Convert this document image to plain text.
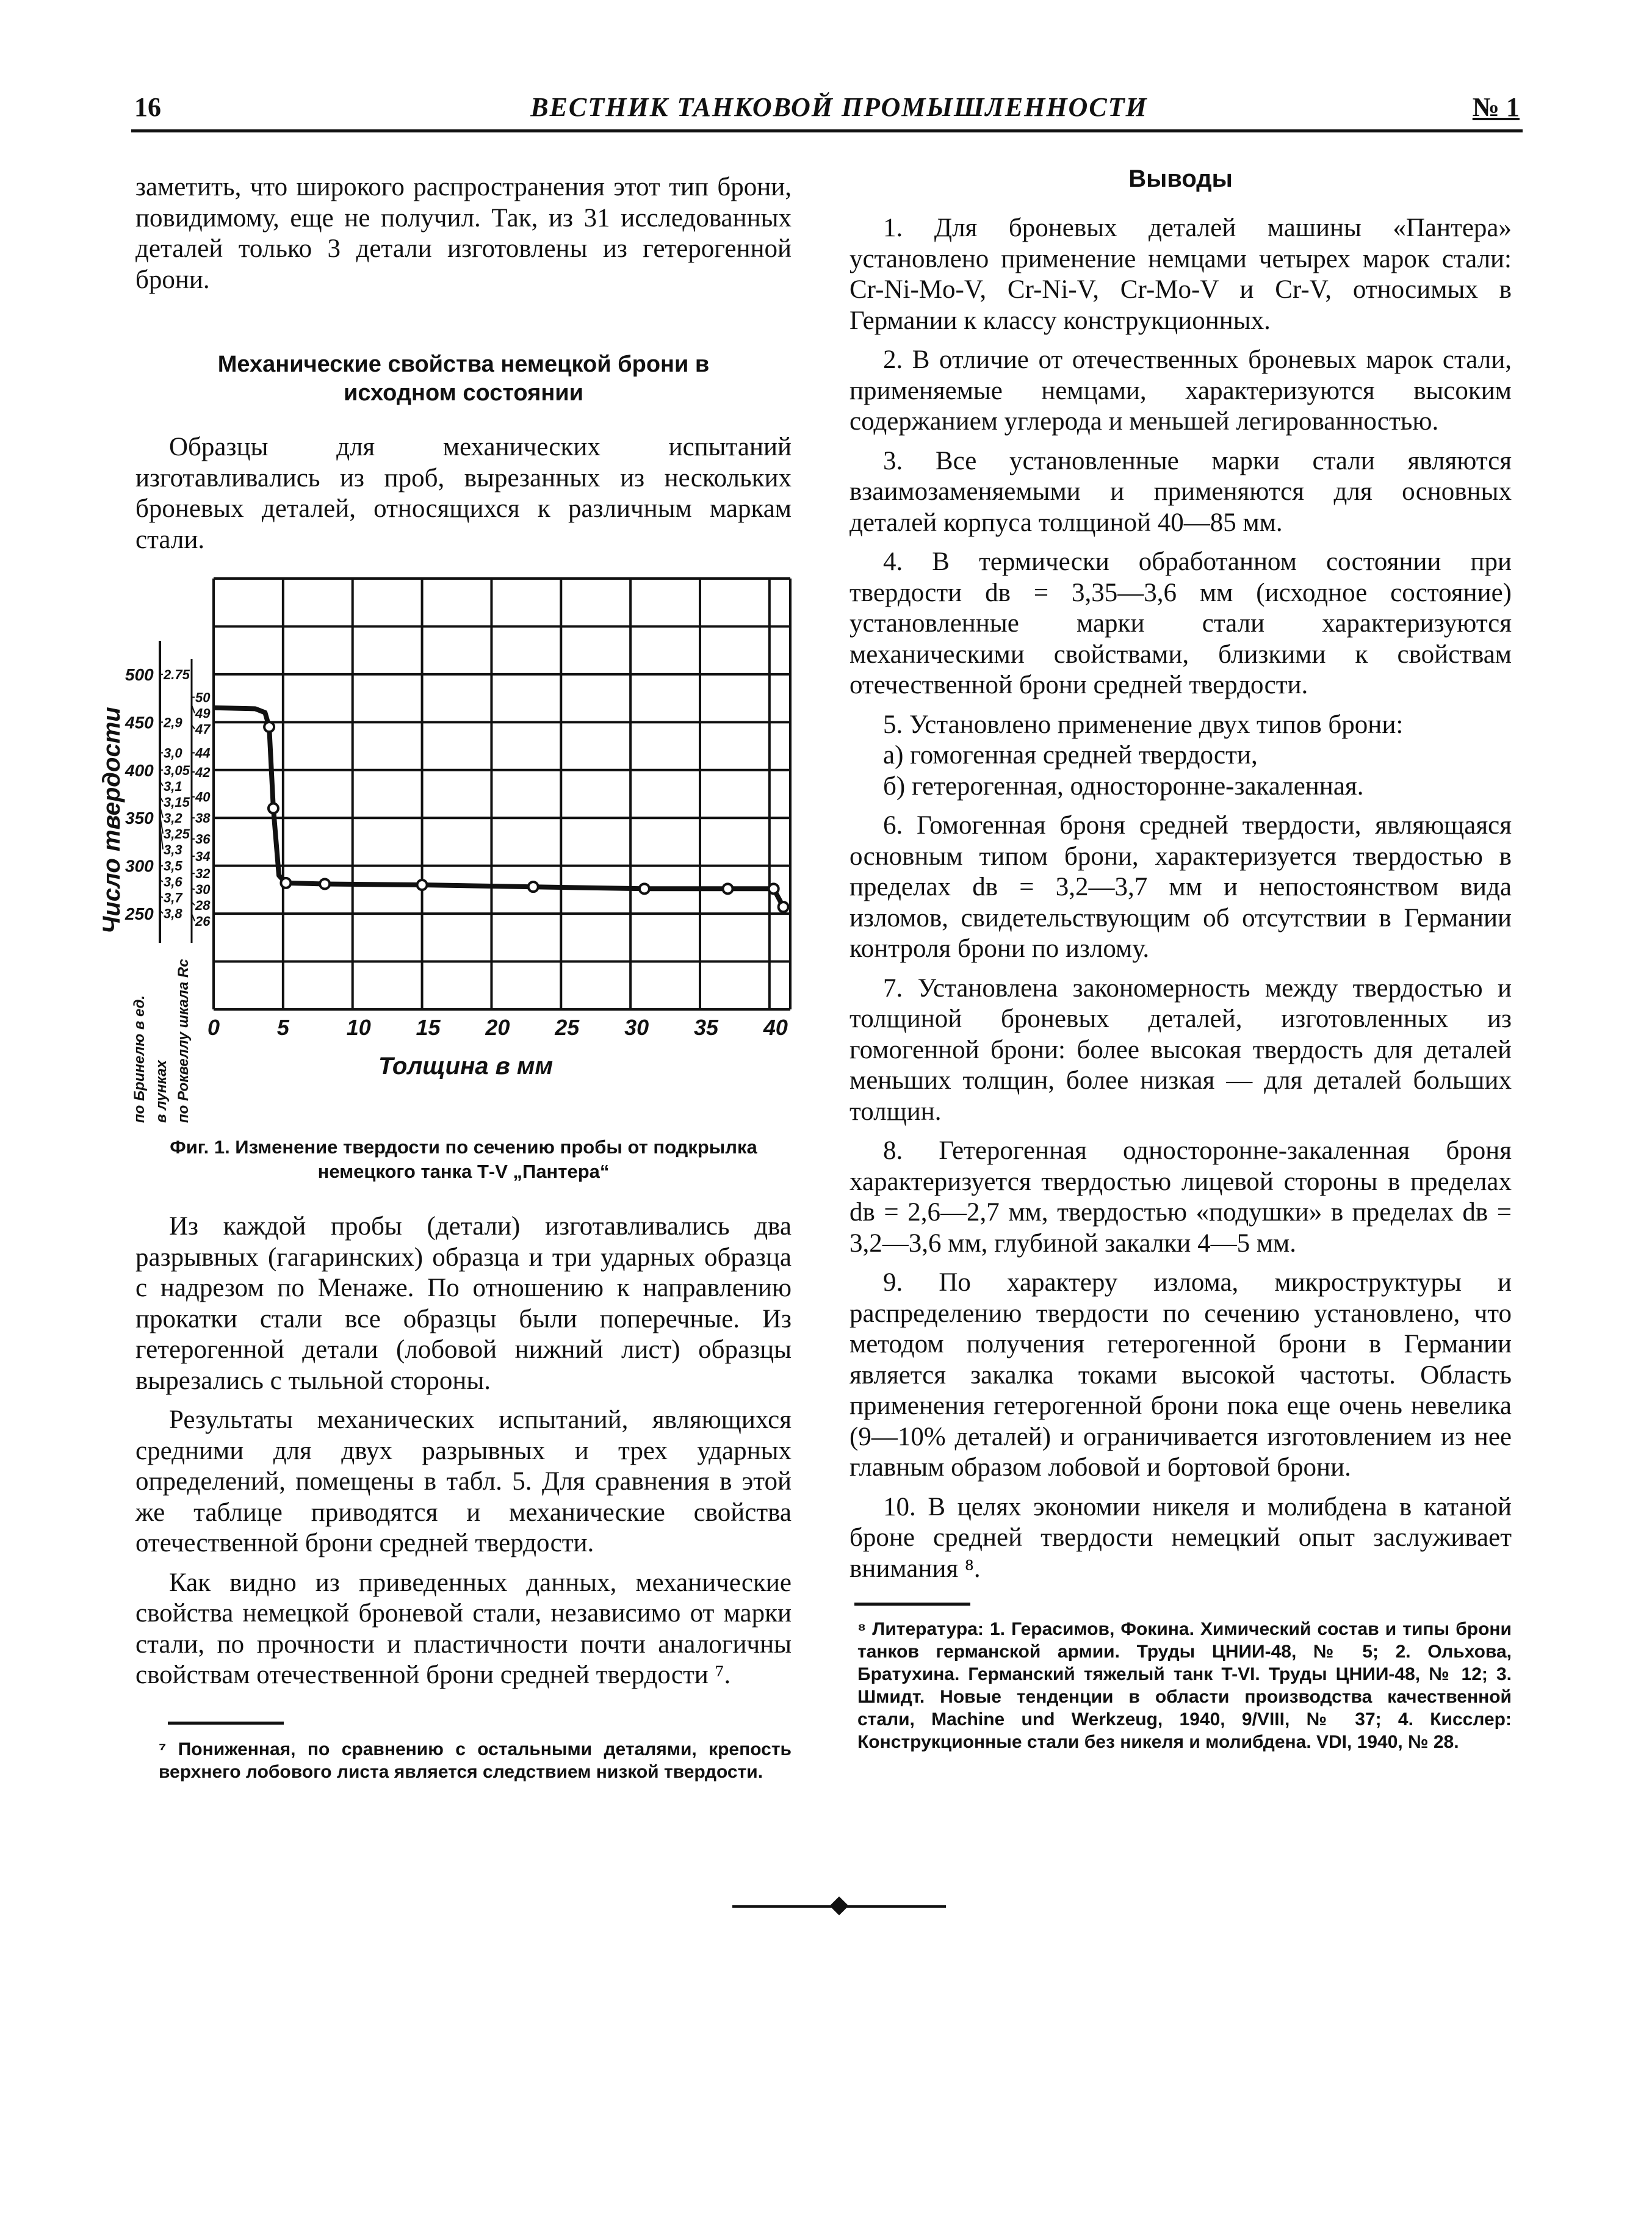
16	ВЕСТНИК ТАНКОВОЙ ПРОМЫШЛЕННОСТИ	№ 1

заметить, что широкого распространения этот тип брони, повидимому, еще не получил. Так, из 31 исследованных деталей только 3 детали изготовлены из гетерогенной брони.

Механические свойства немецкой брони в исходном состоянии

Образцы для механических испытаний изготавливались из проб, вырезанных из нескольких броневых деталей, относящихся к различным маркам стали.

0	5	10 15 20 25 30 35 40
500
450
400
350
300
250
2.75
2,9
3,0
3,05
3,1
3,15
3,2
3,25
3,3
3,5
3,6
3,7
3,8
50
49
47
44
42
40
38
36
34
32
30
28
26
Толщина в мм
Число твердости
по Бринелю в ед. в лунках по Роквеллу шкала Rc
Фиг. 1. Изменение твердости по сечению пробы от подкрылка немецкого танка Т-V „Пантера“

Из каждой пробы (детали) изготавливались два разрывных (гагаринских) образца и три ударных образца с надрезом по Менаже. По отношению к направлению прокатки стали все образцы были поперечные. Из гетерогенной детали (лобовой нижний лист) образцы вырезались с тыльной стороны.

Результаты механических испытаний, являющихся средними для двух разрывных и трех ударных определений, помещены в табл. 5. Для сравнения в этой же таблице приводятся и механические свойства отечественной брони средней твердости.

Как видно из приведенных данных, механические свойства немецкой броневой стали, независимо от марки стали, по прочности и пластичности почти аналогичны свойствам отечественной брони средней твердости ⁷.

⁷ Пониженная, по сравнению с остальными деталями, крепость верхнего лобового листа является следствием низкой твердости.
Выводы

1. Для броневых деталей машины «Пантера» установлено применение немцами четырех марок стали: Cr-Ni-Mo-V, Cr-Ni-V, Cr-Mo-V и Cr-V, относимых в Германии к классу конструкционных.

2. В отличие от отечественных броневых марок стали, применяемые немцами, характеризуются высоким содержанием углерода и меньшей легированностью.

3. Все установленные марки стали являются взаимозаменяемыми и применяются для основных деталей корпуса толщиной 40—85 мм.

4. В термически обработанном состоянии при твердости dв = 3,35—3,6 мм (исходное состояние) установленные марки стали характеризуются механическими свойствами, близкими к свойствам отечественной брони средней твердости.

5. Установлено применение двух типов брони:

а) гомогенная средней твердости,

б) гетерогенная, односторонне-закаленная.

6. Гомогенная броня средней твердости, являющаяся основным типом брони, характеризуется твердостью в пределах dв = 3,2—3,7 мм и непостоянством вида изломов, свидетельствующим об отсутствии в Германии контроля брони по излому.

7. Установлена закономерность между твердостью и толщиной броневых деталей, изготовленных из гомогенной брони: более высокая твердость для деталей меньших толщин, более низкая — для деталей больших толщин.

8. Гетерогенная односторонне-закаленная броня характеризуется твердостью лицевой стороны в пределах dв = 2,6—2,7 мм, твердостью «подушки» в пределах dв = 3,2—3,6 мм, глубиной закалки 4—5 мм.

9. По характеру излома, микроструктуры и распределению твердости по сечению установлено, что методом получения гетерогенной брони в Германии является закалка токами высокой частоты. Область применения гетерогенной брони пока еще очень невелика (9—10% деталей) и ограничивается изготовлением из нее главным образом лобовой и бортовой брони.

10. В целях экономии никеля и молибдена в катаной броне средней твердости немецкий опыт заслуживает внимания ⁸.

⁸ Литература: 1. Герасимов, Фокина. Химический состав и типы брони танков германской армии. Труды ЦНИИ-48, № 5; 2. Ольхова, Братухина. Германский тяжелый танк T-VI. Труды ЦНИИ-48, № 12; 3. Шмидт. Новые тенденции в области производства качественной стали, Machine und Werkzeug, 1940, 9/VIII, № 37; 4. Кисслер: Конструкционные стали без никеля и молибдена. VDI, 1940, № 28.
